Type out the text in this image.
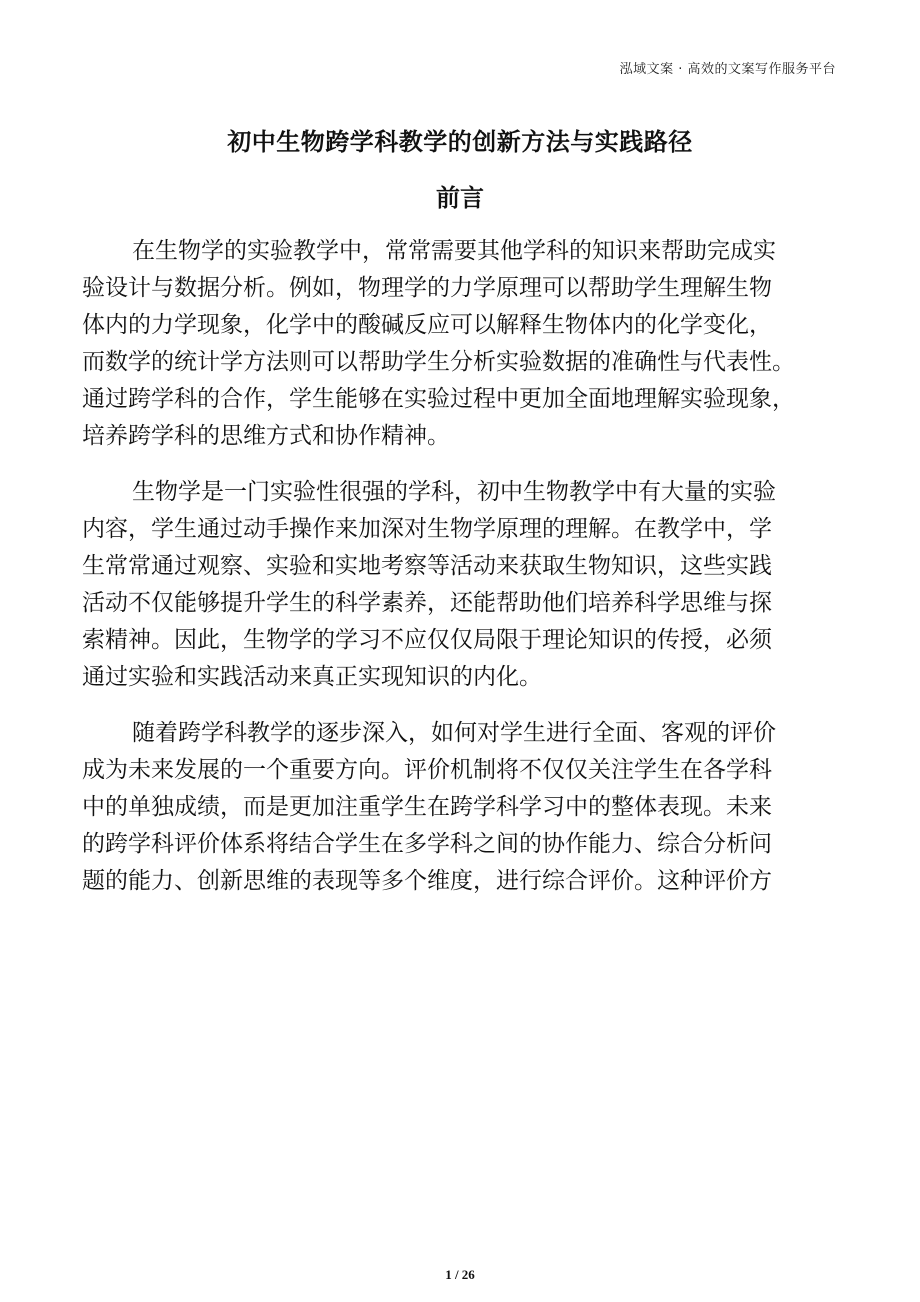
泓域文案 · 高效的文案写作服务平台
初中生物跨学科教学的创新方法与实践路径
前言
在生物学的实验教学中，常常需要其他学科的知识来帮助完成实
验设计与数据分析。例如，物理学的力学原理可以帮助学生理解生物
体内的力学现象，化学中的酸碱反应可以解释生物体内的化学变化，
而数学的统计学方法则可以帮助学生分析实验数据的准确性与代表性。
通过跨学科的合作，学生能够在实验过程中更加全面地理解实验现象，
培养跨学科的思维方式和协作精神。
生物学是一门实验性很强的学科，初中生物教学中有大量的实验
内容，学生通过动手操作来加深对生物学原理的理解。在教学中，学
生常常通过观察、实验和实地考察等活动来获取生物知识，这些实践
活动不仅能够提升学生的科学素养，还能帮助他们培养科学思维与探
索精神。因此，生物学的学习不应仅仅局限于理论知识的传授，必须
通过实验和实践活动来真正实现知识的内化。
随着跨学科教学的逐步深入，如何对学生进行全面、客观的评价
成为未来发展的一个重要方向。评价机制将不仅仅关注学生在各学科
中的单独成绩，而是更加注重学生在跨学科学习中的整体表现。未来
的跨学科评价体系将结合学生在多学科之间的协作能力、综合分析问
题的能力、创新思维的表现等多个维度，进行综合评价。这种评价方
1 / 26
